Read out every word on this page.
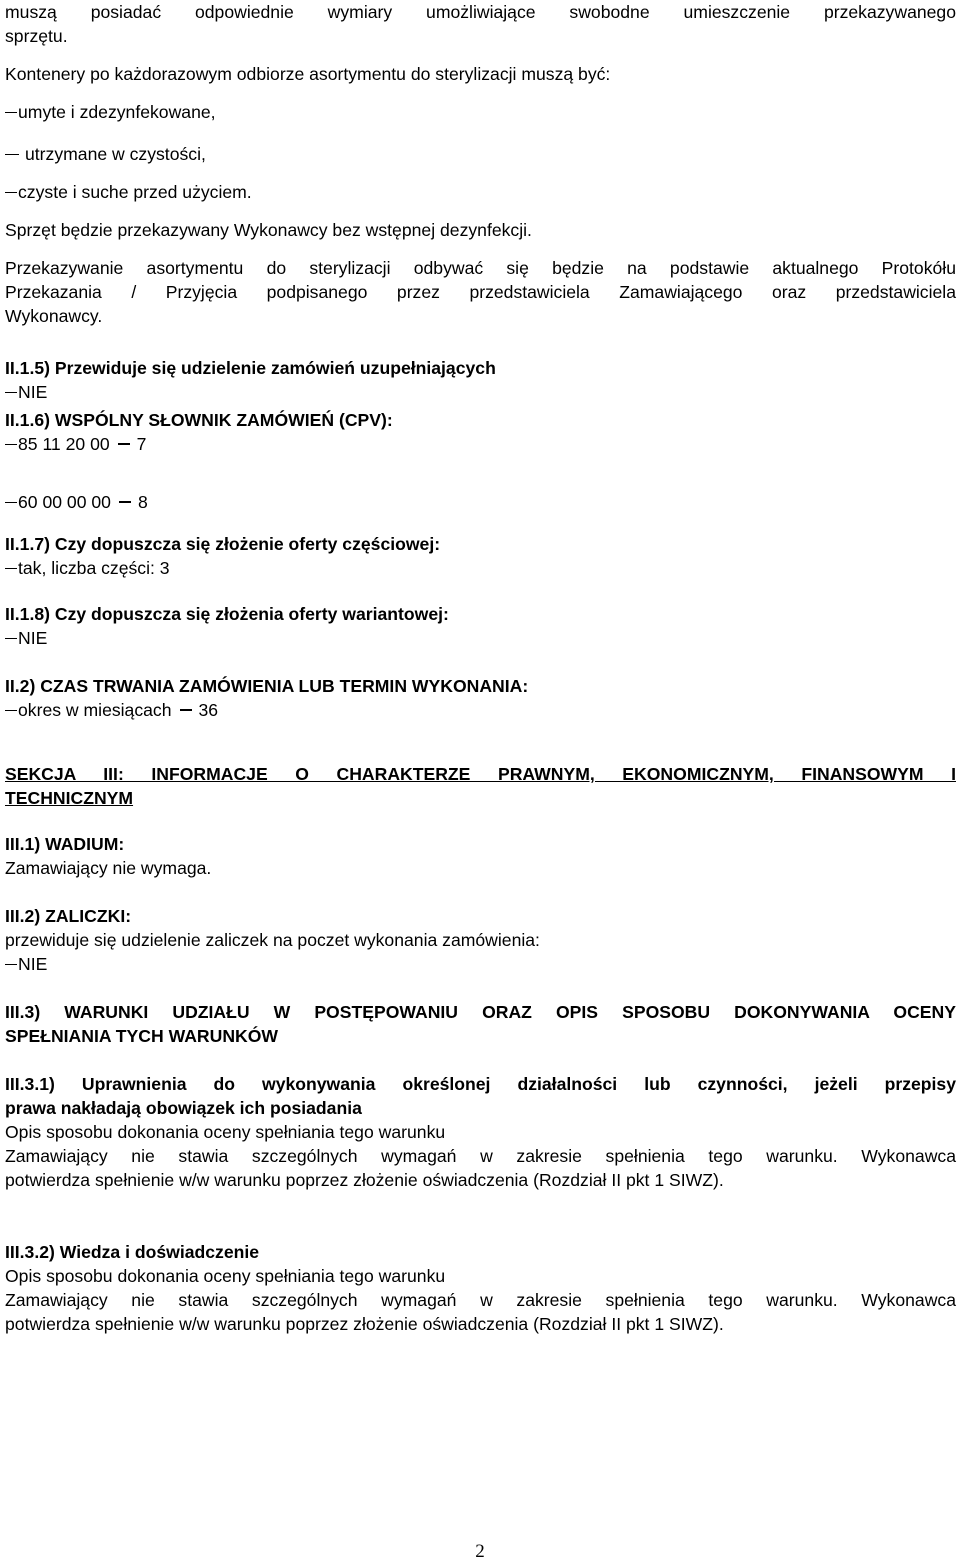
muszą posiadać odpowiednie wymiary umożliwiające swobodne umieszczenie przekazywanego
sprzętu.
Kontenery po każdorazowym odbiorze asortymentu do sterylizacji muszą być:
umyte i zdezynfekowane,
utrzymane w czystości,
czyste i suche przed użyciem.
Sprzęt będzie przekazywany Wykonawcy bez wstępnej dezynfekcji.
Przekazywanie asortymentu do sterylizacji odbywać się będzie na podstawie aktualnego Protokółu
Przekazania / Przyjęcia podpisanego przez przedstawiciela Zamawiającego oraz przedstawiciela
Wykonawcy.
II.1.5) Przewiduje się udzielenie zamówień uzupełniających
NIE
II.1.6) WSPÓLNY SŁOWNIK ZAMÓWIEŃ (CPV):
85 11 20 00 7
60 00 00 00 8
II.1.7) Czy dopuszcza się złożenie oferty częściowej:
tak, liczba części: 3
II.1.8) Czy dopuszcza się złożenia oferty wariantowej:
NIE
II.2) CZAS TRWANIA ZAMÓWIENIA LUB TERMIN WYKONANIA:
okres w miesiącach 36
SEKCJA III: INFORMACJE O CHARAKTERZE PRAWNYM, EKONOMICZNYM, FINANSOWYM I
TECHNICZNYM
III.1) WADIUM:
Zamawiający nie wymaga.
III.2) ZALICZKI:
przewiduje się udzielenie zaliczek na poczet wykonania zamówienia:
NIE
III.3) WARUNKI UDZIAŁU W POSTĘPOWANIU ORAZ OPIS SPOSOBU DOKONYWANIA OCENY
SPEŁNIANIA TYCH WARUNKÓW
III.3.1) Uprawnienia do wykonywania określonej działalności lub czynności, jeżeli przepisy
prawa nakładają obowiązek ich posiadania
Opis sposobu dokonania oceny spełniania tego warunku
Zamawiający nie stawia szczególnych wymagań w zakresie spełnienia tego warunku. Wykonawca
potwierdza spełnienie w/w warunku poprzez złożenie oświadczenia (Rozdział II pkt 1 SIWZ).
III.3.2) Wiedza i doświadczenie
Opis sposobu dokonania oceny spełniania tego warunku
Zamawiający nie stawia szczególnych wymagań w zakresie spełnienia tego warunku. Wykonawca
potwierdza spełnienie w/w warunku poprzez złożenie oświadczenia (Rozdział II pkt 1 SIWZ).
2
